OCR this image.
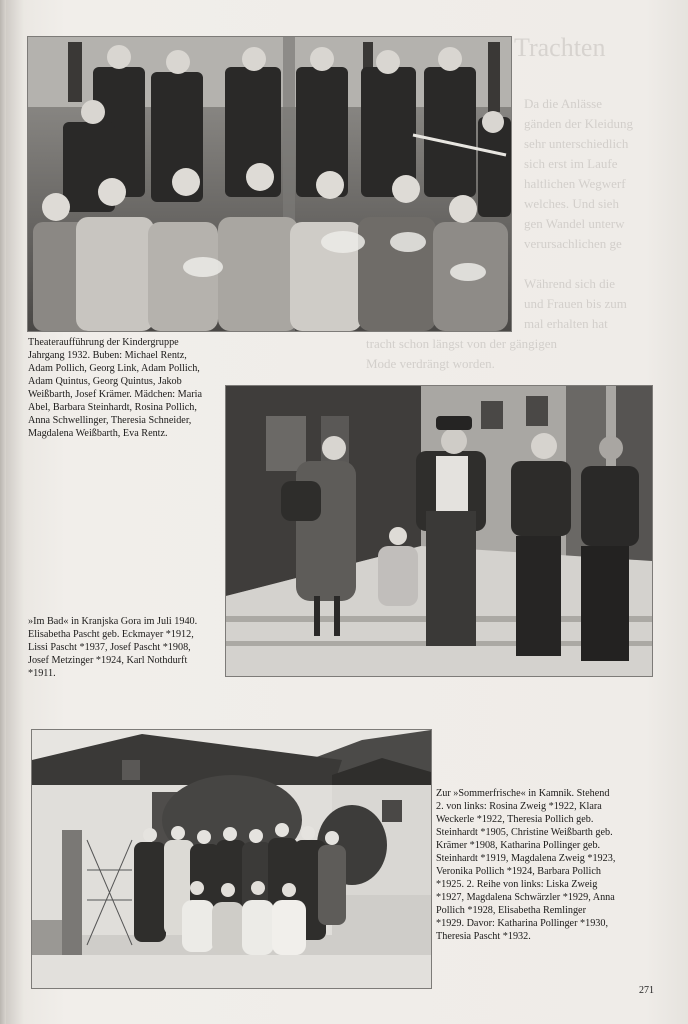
Trachten
Da die Anlässe
gänden der Kleidung
sehr unterschiedlich
sich erst im Laufe
haltlichen Wegwerf
welches. Und sieh
gen Wandel unterw
verursachlichen ge
Während sich die
und Frauen bis zum
mal erhalten hat
tracht schon längst von der gängigen
Mode verdrängt worden.

Theateraufführung der Kindergruppe Jahrgang 1932. Buben: Michael Rentz, Adam Pollich, Georg Link, Adam Pollich, Adam Quintus, Georg Quintus, Jakob Weißbarth, Josef Krämer. Mädchen: Maria Abel, Barbara Steinhardt, Rosina Pollich, Anna Schwellinger, Theresia Schneider, Magdalena Weißbarth, Eva Rentz.

»Im Bad« in Kranjska Gora im Juli 1940. Elisabetha Pascht geb. Eckmayer *1912, Lissi Pascht *1937, Josef Pascht *1908, Josef Metzinger *1924, Karl Nothdurft *1911.

Zur »Sommerfrische« in Kamnik. Stehend 2. von links: Rosina Zweig *1922, Klara Weckerle *1922, Theresia Pollich geb. Steinhardt *1905, Christine Weißbarth geb. Krämer *1908, Katharina Pollinger geb. Steinhardt *1919, Magdalena Zweig *1923, Veronika Pollich *1924, Barbara Pollich *1925. 2. Reihe von links: Liska Zweig *1927, Magdalena Schwärzler *1929, Anna Pollich *1928, Elisabetha Remlinger *1929. Davor: Katharina Pollinger *1930, Theresia Pascht *1932.

271
